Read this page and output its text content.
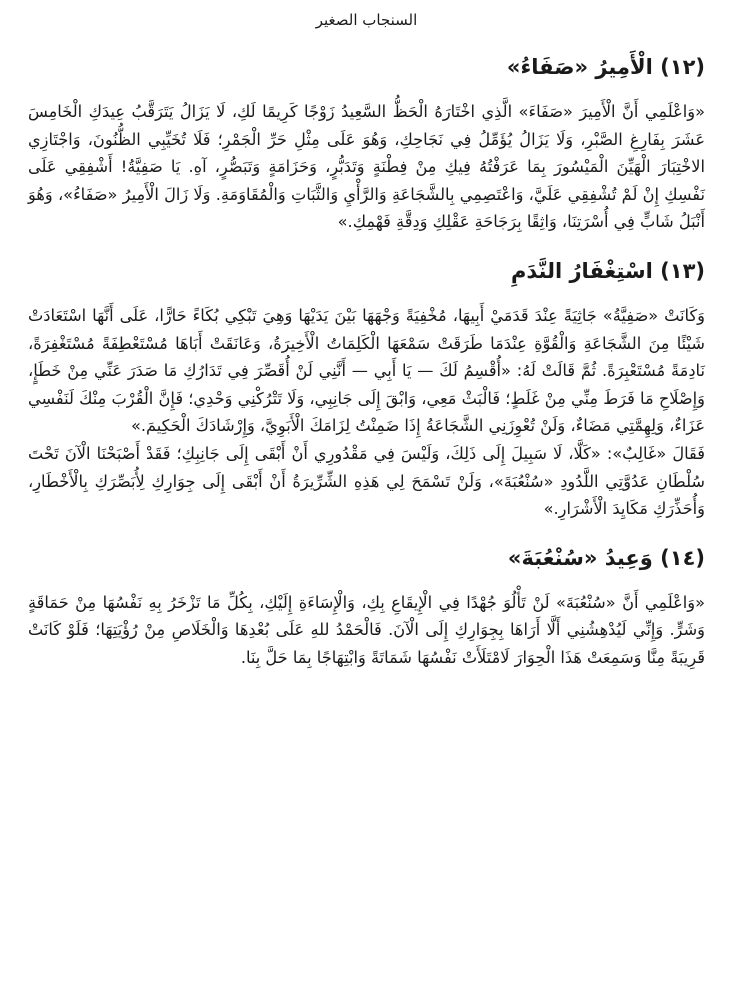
السنجاب الصغير
(١٢) الْأَمِيرُ «صَفَاءُ»

«وَاعْلَمِي أَنَّ الْأَمِيرَ «صَفَاءَ» الَّذِي اخْتَارَهُ الْحَظُّ السَّعِيدُ زَوْجًا كَرِيمًا لَكِ، لَا يَزَالُ يَتَرَقَّبُ عِيدَكِ الْخَامِسَ عَشَرَ بِفَارِغِ الصَّبْرِ، وَلَا يَزَالُ يُؤَمِّلُ فِي نَجَاحِكِ، وَهُوَ عَلَى مِثْلِ حَرِّ الْجَمْرِ؛ فَلَا تُخَيِّبِي الظُّنُونَ، وَاجْتَازِي الاخْتِبَارَ الْهَيِّنَ الْمَيْسُورَ بِمَا عَرَفْتُهُ فِيكِ مِنْ فِطْنَةٍ وَتَدَبُّرٍ، وَحَزَامَةٍ وَتَبَصُّرٍ، آهِ. يَا صَفِيَّةُ! أَشْفِقِي عَلَى نَفْسِكِ إِنْ لَمْ تُشْفِقِي عَلَيَّ، وَاعْتَصِمِي بِالشَّجَاعَةِ وَالرَّأْيِ وَالثَّبَاتِ وَالْمُقَاوَمَةِ. وَلَا زَالَ الْأَمِيرُ «صَفَاءُ»، وَهُوَ أَنْبَلُ شَابٍّ فِي أُسْرَتِنَا، وَاثِقًا بِرَجَاحَةِ عَقْلِكِ وَدِقَّةِ فَهْمِكِ.»

(١٣) اسْتِغْفَارُ النَّدَمِ

وَكَانَتْ «صَفِيَّةُ» جَاثِيَةً عِنْدَ قَدَمَيْ أَبِيهَا، مُخْفِيَةً وَجْهَهَا بَيْنَ يَدَيْهَا وَهِيَ تَبْكِي بُكَاءً حَارًّا، عَلَى أَنَّهَا اسْتَعَادَتْ شَيْئًا مِنَ الشَّجَاعَةِ وَالْقُوَّةِ عِنْدَمَا طَرَقَتْ سَمْعَهَا الْكَلِمَاتُ الْأَخِيرَةُ، وَعَانَقَتْ أَبَاهَا مُسْتَعْطِفَةً مُسْتَغْفِرَةً، نَادِمَةً مُسْتَعْبِرَةً. ثُمَّ قَالَتْ لَهُ: «أُقْسِمُ لَكَ — يَا أَبِي — أَنَّنِي لَنْ أُقَصِّرَ فِي تَدَارُكِ مَا صَدَرَ عَنِّي مِنْ خَطَإٍ، وَإِصْلَاحِ مَا فَرَطَ مِنِّي مِنْ غَلَطٍ؛ فَالْبَثْ مَعِي، وَابْقَ إِلَى جَانِبِي، وَلَا تَتْرُكْنِي وَحْدِي؛ فَإِنَّ الْقُرْبَ مِنْكَ لَنَفْسِي عَزَاءٌ، وَلِهِمَّتِي مَضَاءٌ، وَلَنْ تُعْوِزَنِي الشَّجَاعَةُ إِذَا ضَمِنْتُ لِزَامَكَ الْأَبَوِيَّ، وَإِرْشَادَكَ الْحَكِيمَ.»

فَقَالَ «غَالِبٌ»: «كَلَّا، لَا سَبِيلَ إِلَى ذَلِكَ، وَلَيْسَ فِي مَقْدُورِي أَنْ أَبْقَى إِلَى جَانِبِكِ؛ فَقَدْ أَصْبَحْنَا الْآنَ تَحْتَ سُلْطَانِ عَدُوَّتِي اللَّدُودِ «سُنْعُبَةَ»، وَلَنْ تَسْمَحَ لِي هَذِهِ الشِّرِّيرَةُ أَنْ أَبْقَى إِلَى جِوَارِكِ لِأُبَصِّرَكِ بِالْأَخْطَارِ، وَأُحَذِّرَكِ مَكَايِدَ الْأَشْرَارِ.»

(١٤) وَعِيدُ «سُنْعُبَةَ»

«وَاعْلَمِي أَنَّ «سُنْعُبَةَ» لَنْ تَأْلُوَ جُهْدًا فِي الْإِيقَاعِ بِكِ، وَالْإِسَاءَةِ إِلَيْكِ، بِكُلِّ مَا تَزْخَرُ بِهِ نَفْسُهَا مِنْ حَمَاقَةٍ وَشَرٍّ. وَإِنِّي لَيُدْهِشُنِي أَلَّا أَرَاهَا بِجِوَارِكِ إِلَى الْآنَ. فَالْحَمْدُ للهِ عَلَى بُعْدِهَا وَالْخَلَاصِ مِنْ رُؤْيَتِهَا؛ فَلَوْ كَانَتْ قَرِيبَةً مِنَّا وَسَمِعَتْ هَذَا الْحِوَارَ لَامْتَلَأَتْ نَفْسُهَا شَمَاتَةً وَابْتِهَاجًا بِمَا حَلَّ بِنَا.
